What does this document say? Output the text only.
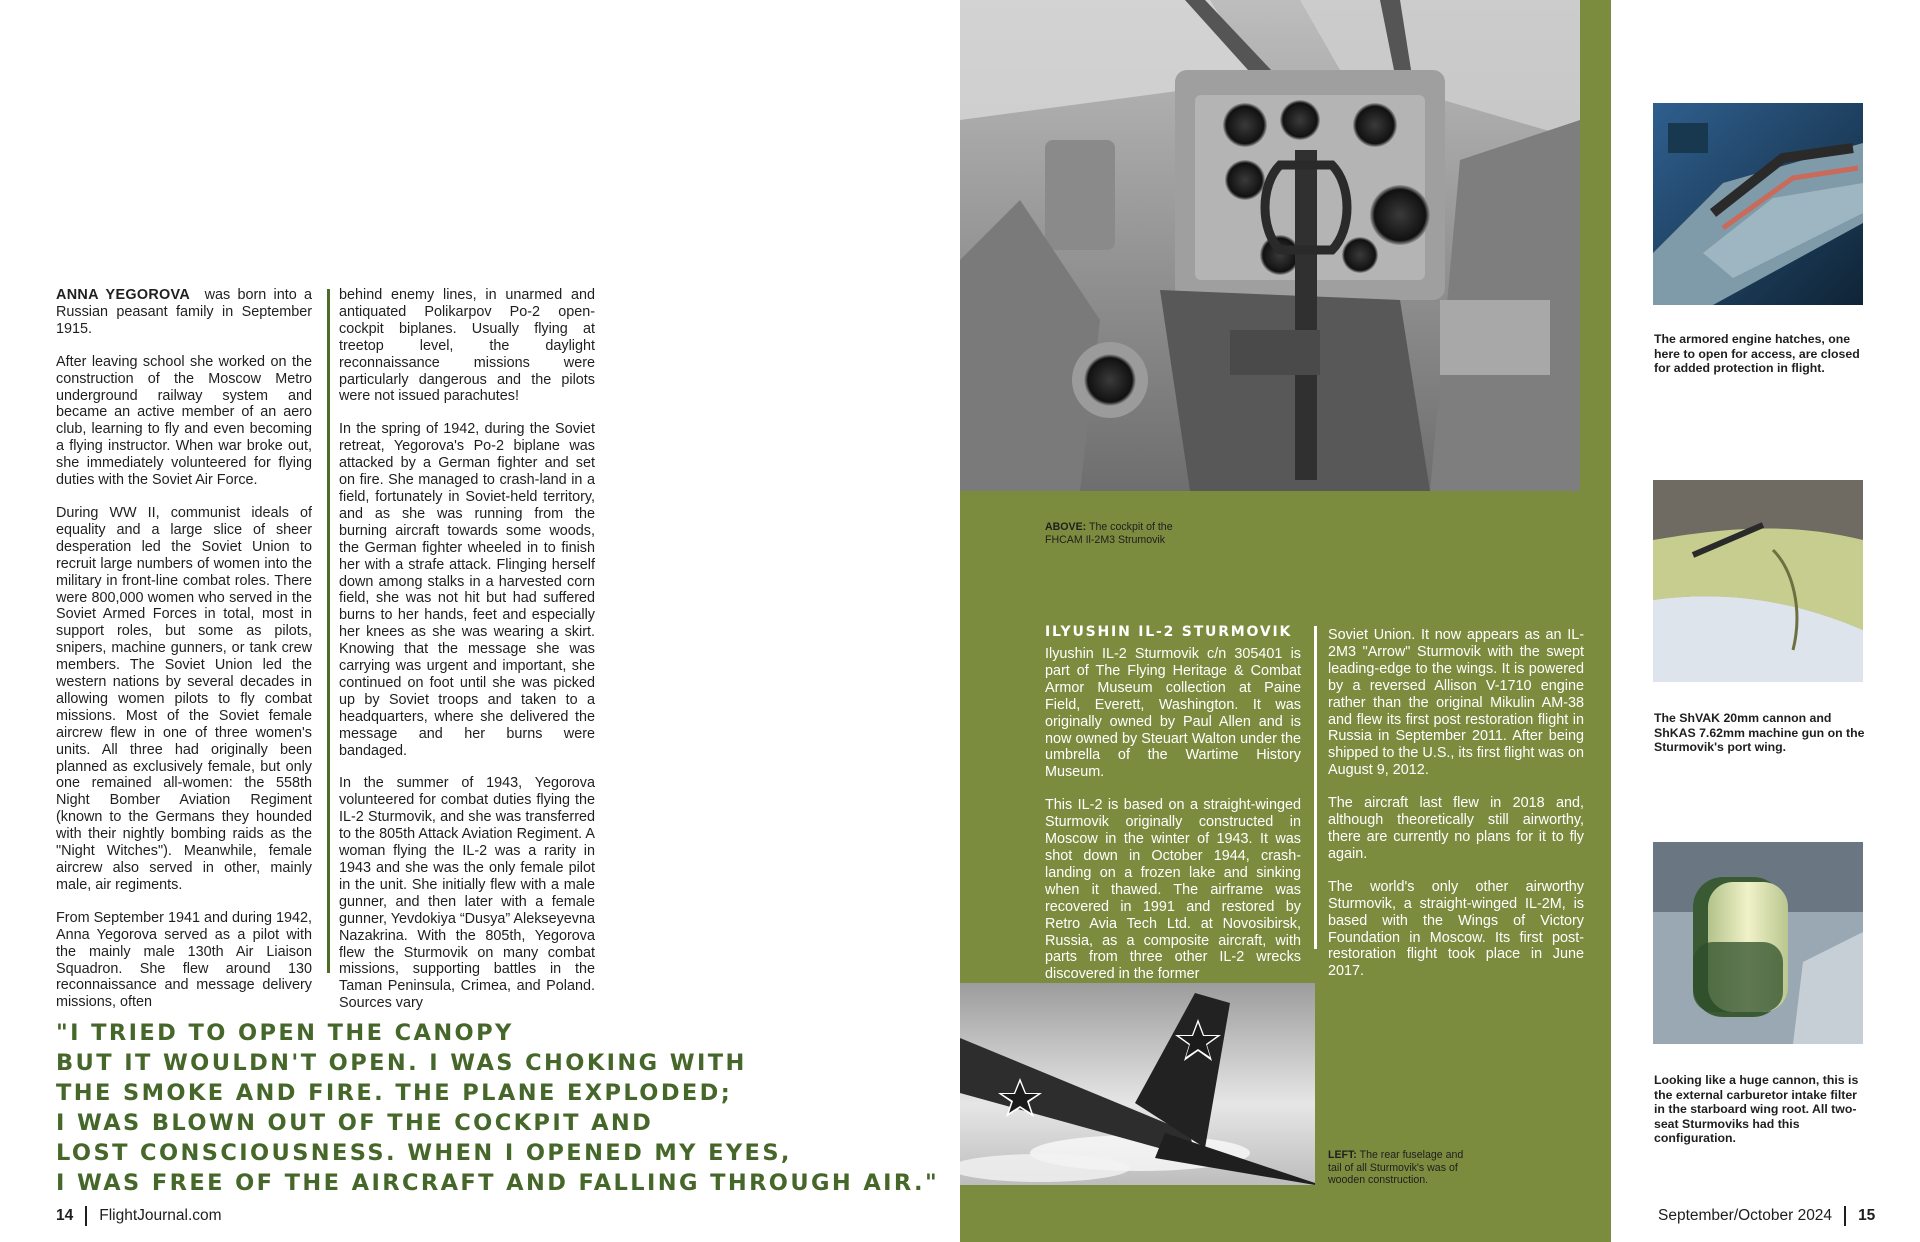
ANNA YEGOROVA was born into a Russian peasant family in September 1915.

After leaving school she worked on the construction of the Moscow Metro underground railway system and became an active member of an aero club, learning to fly and even becoming a flying instructor. When war broke out, she immediately volunteered for flying duties with the Soviet Air Force.

During WW II, communist ideals of equality and a large slice of sheer desperation led the Soviet Union to recruit large numbers of women into the military in front-line combat roles. There were 800,000 women who served in the Soviet Armed Forces in total, most in support roles, but some as pilots, snipers, machine gunners, or tank crew members. The Soviet Union led the western nations by several decades in allowing women pilots to fly combat missions. Most of the Soviet female aircrew flew in one of three women's units. All three had originally been planned as exclusively female, but only one remained all-women: the 558th Night Bomber Aviation Regiment (known to the Germans they hounded with their nightly bombing raids as the "Night Witches"). Meanwhile, female aircrew also served in other, mainly male, air regiments.

From September 1941 and during 1942, Anna Yegorova served as a pilot with the mainly male 130th Air Liaison Squadron. She flew around 130 reconnaissance and message delivery missions, often

behind enemy lines, in unarmed and antiquated Polikarpov Po-2 open-cockpit biplanes. Usually flying at treetop level, the daylight reconnaissance missions were particularly dangerous and the pilots were not issued parachutes!

In the spring of 1942, during the Soviet retreat, Yegorova's Po-2 biplane was attacked by a German fighter and set on fire. She managed to crash-land in a field, fortunately in Soviet-held territory, and as she was running from the burning aircraft towards some woods, the German fighter wheeled in to finish her with a strafe attack. Flinging herself down among stalks in a harvested corn field, she was not hit but had suffered burns to her hands, feet and especially her knees as she was wearing a skirt. Knowing that the message she was carrying was urgent and important, she continued on foot until she was picked up by Soviet troops and taken to a headquarters, where she delivered the message and her burns were bandaged.

In the summer of 1943, Yegorova volunteered for combat duties flying the IL-2 Sturmovik, and she was transferred to the 805th Attack Aviation Regiment. A woman flying the IL-2 was a rarity in 1943 and she was the only female pilot in the unit. She initially flew with a male gunner, and then later with a female gunner, Yevdokiya “Dusya” Alekseyevna Nazakrina. With the 805th, Yegorova flew the Sturmovik on many combat missions, supporting battles in the Taman Peninsula, Crimea, and Poland. Sources vary

"I TRIED TO OPEN THE CANOPY
BUT IT WOULDN'T OPEN. I WAS CHOKING WITH
THE SMOKE AND FIRE. THE PLANE EXPLODED;
I WAS BLOWN OUT OF THE COCKPIT AND
LOST CONSCIOUSNESS. WHEN I OPENED MY EYES,
I WAS FREE OF THE AIRCRAFT AND FALLING THROUGH AIR."
14 FlightJournal.com
ABOVE: The cockpit of the FHCAM Il-2M3 Strumovik
ILYUSHIN IL-2 STURMOVIK

Ilyushin IL-2 Sturmovik c/n 305401 is part of The Flying Heritage & Combat Armor Museum collection at Paine Field, Everett, Washington. It was originally owned by Paul Allen and is now owned by Steuart Walton under the umbrella of the Wartime History Museum.

This IL-2 is based on a straight-winged Sturmovik originally constructed in Moscow in the winter of 1943. It was shot down in October 1944, crash-landing on a frozen lake and sinking when it thawed. The airframe was recovered in 1991 and restored by Retro Avia Tech Ltd. at Novosibirsk, Russia, as a composite aircraft, with parts from three other IL-2 wrecks discovered in the former

Soviet Union. It now appears as an IL-2M3 "Arrow" Sturmovik with the swept leading-edge to the wings. It is powered by a reversed Allison V-1710 engine rather than the original Mikulin AM-38 and flew its first post restoration flight in Russia in September 2011. After being shipped to the U.S., its first flight was on August 9, 2012.

The aircraft last flew in 2018 and, although theoretically still airworthy, there are currently no plans for it to fly again.

The world's only other airworthy Sturmovik, a straight-winged IL-2M, is based with the Wings of Victory Foundation in Moscow. Its first post-restoration flight took place in June 2017.

LEFT: The rear fuselage and tail of all Sturmovik's was of wooden construction.
The armored engine hatches, one here to open for access, are closed for added protection in flight.
The ShVAK 20mm cannon and ShKAS 7.62mm machine gun on the Sturmovik's port wing.
Looking like a huge cannon, this is the external carburetor intake filter in the starboard wing root. All two-seat Sturmoviks had this configuration.
September/October 2024 15
